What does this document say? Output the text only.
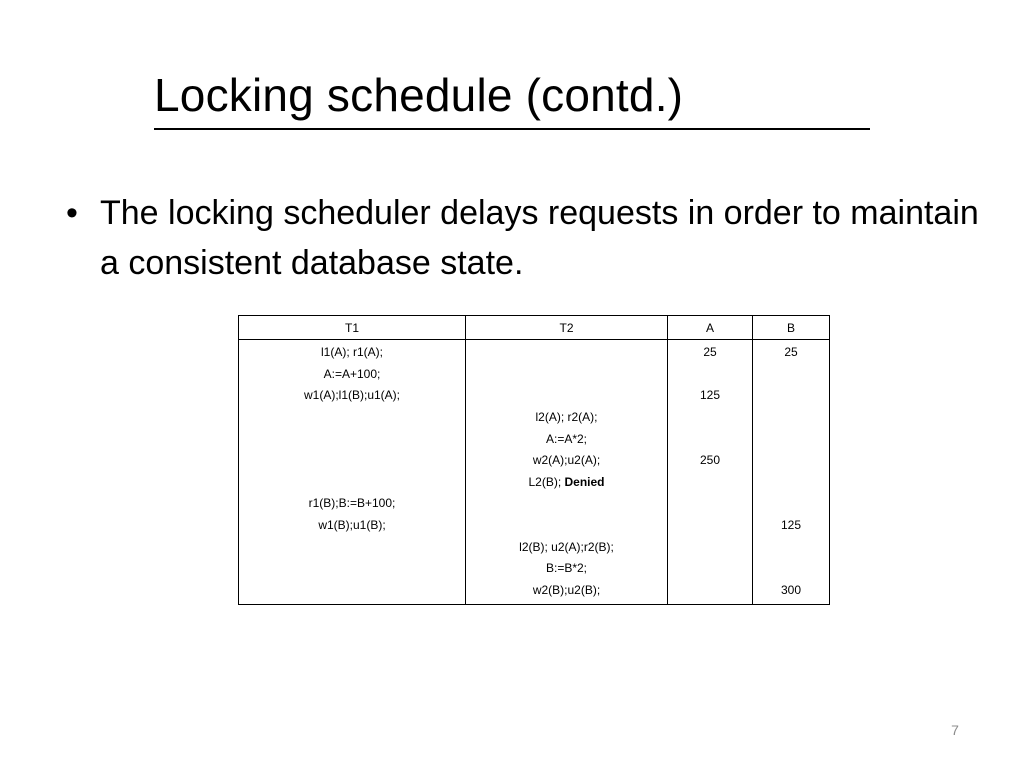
Locking schedule (contd.)
• The locking scheduler delays requests in order to maintain a consistent database state.
T1	T2	A	B
l1(A); r1(A);		25	25
A:=A+100;			
w1(A);l1(B);u1(A);		125	
	l2(A); r2(A);		
	A:=A*2;		
	w2(A);u2(A);	250	
	L2(B); Denied		
r1(B);B:=B+100;			
w1(B);u1(B);			125
	l2(B); u2(A);r2(B);		
	B:=B*2;		
	w2(B);u2(B);		300
7
